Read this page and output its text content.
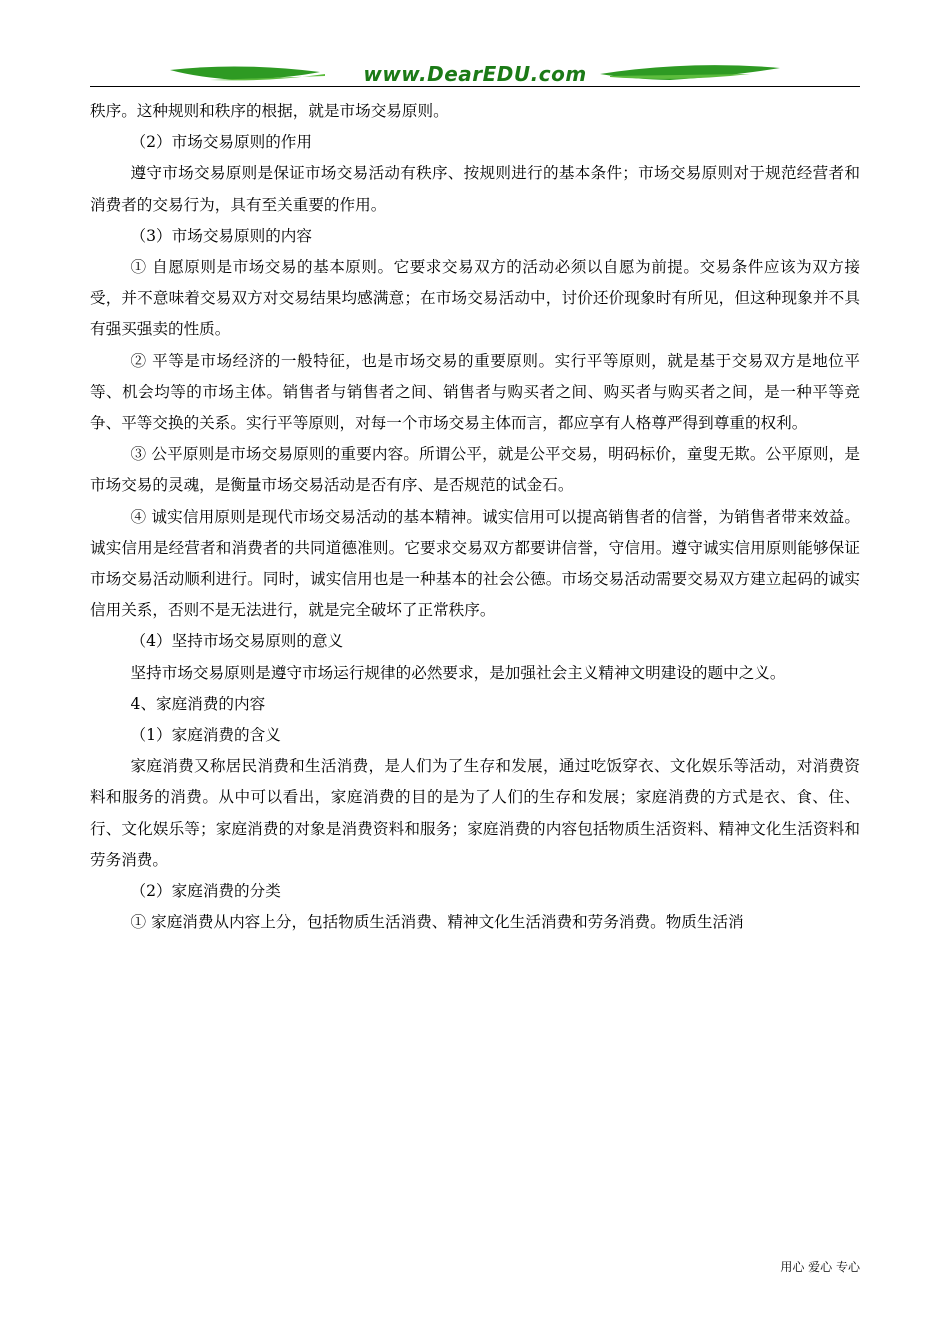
www.DearEDU.com

秩序。这种规则和秩序的根据，就是市场交易原则。

（2）市场交易原则的作用

遵守市场交易原则是保证市场交易活动有秩序、按规则进行的基本条件；市场交易原则对于规范经营者和消费者的交易行为，具有至关重要的作用。

（3）市场交易原则的内容

① 自愿原则是市场交易的基本原则。它要求交易双方的活动必须以自愿为前提。交易条件应该为双方接受，并不意味着交易双方对交易结果均感满意；在市场交易活动中，讨价还价现象时有所见，但这种现象并不具有强买强卖的性质。

② 平等是市场经济的一般特征，也是市场交易的重要原则。实行平等原则，就是基于交易双方是地位平等、机会均等的市场主体。销售者与销售者之间、销售者与购买者之间、购买者与购买者之间，是一种平等竞争、平等交换的关系。实行平等原则，对每一个市场交易主体而言，都应享有人格尊严得到尊重的权利。

③ 公平原则是市场交易原则的重要内容。所谓公平，就是公平交易，明码标价，童叟无欺。公平原则，是市场交易的灵魂，是衡量市场交易活动是否有序、是否规范的试金石。

④ 诚实信用原则是现代市场交易活动的基本精神。诚实信用可以提高销售者的信誉，为销售者带来效益。诚实信用是经营者和消费者的共同道德准则。它要求交易双方都要讲信誉，守信用。遵守诚实信用原则能够保证市场交易活动顺利进行。同时，诚实信用也是一种基本的社会公德。市场交易活动需要交易双方建立起码的诚实信用关系，否则不是无法进行，就是完全破坏了正常秩序。

（4）坚持市场交易原则的意义

坚持市场交易原则是遵守市场运行规律的必然要求，是加强社会主义精神文明建设的题中之义。

4、家庭消费的内容

（1）家庭消费的含义

家庭消费又称居民消费和生活消费，是人们为了生存和发展，通过吃饭穿衣、文化娱乐等活动，对消费资料和服务的消费。从中可以看出，家庭消费的目的是为了人们的生存和发展；家庭消费的方式是衣、食、住、行、文化娱乐等；家庭消费的对象是消费资料和服务；家庭消费的内容包括物质生活资料、精神文化生活资料和劳务消费。

（2）家庭消费的分类

① 家庭消费从内容上分，包括物质生活消费、精神文化生活消费和劳务消费。物质生活消

用心 爱心 专心
